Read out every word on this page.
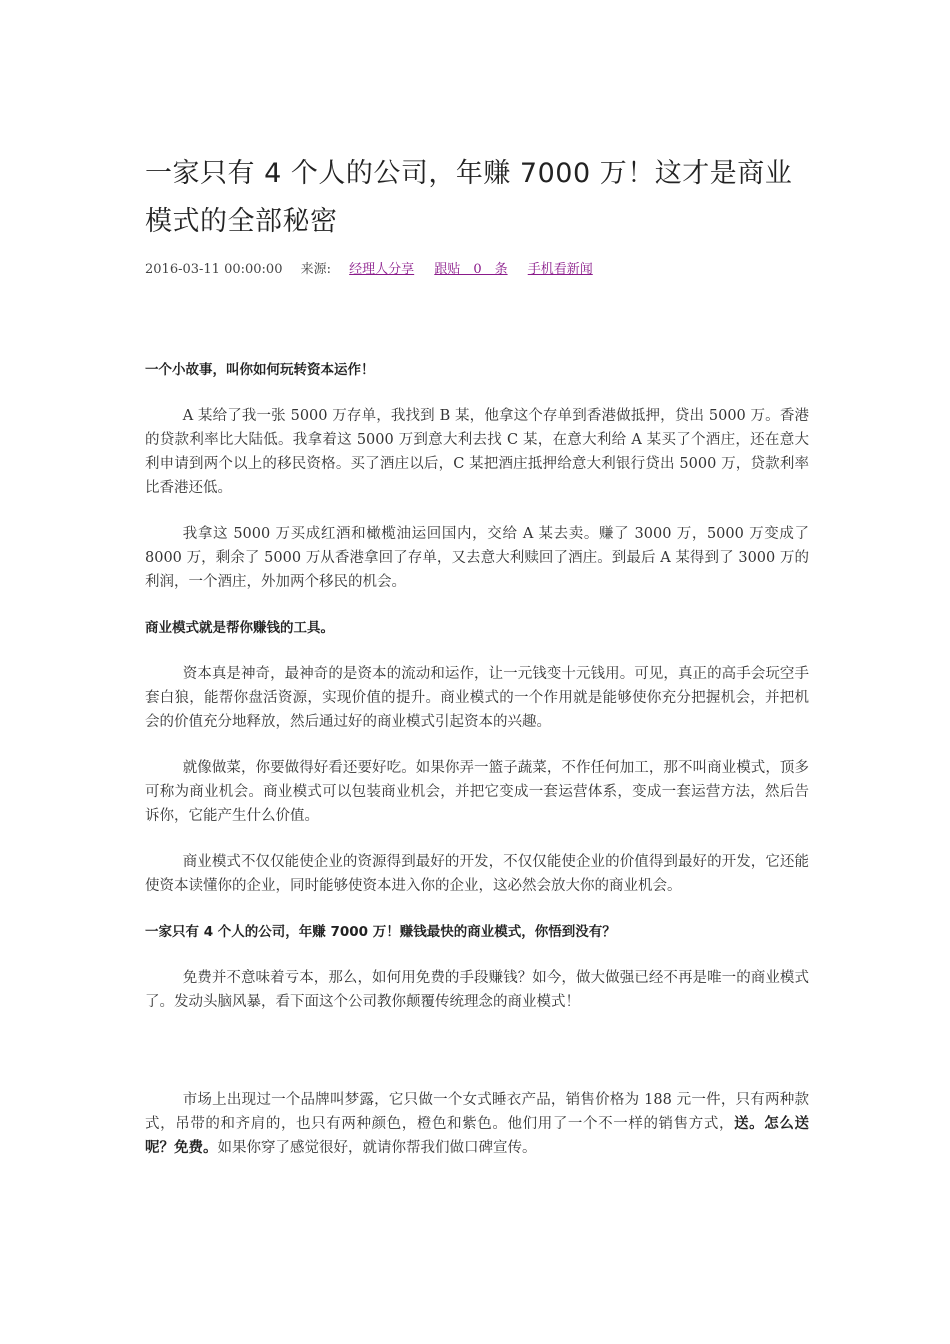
一家只有 4 个人的公司，年赚 7000 万！这才是商业模式的全部秘密
2016-03-11 00:00:00 来源: 经理人分享 跟贴　0　条 手机看新闻

一个小故事，叫你如何玩转资本运作！

A 某给了我一张 5000 万存单，我找到 B 某，他拿这个存单到香港做抵押，贷出 5000 万。香港的贷款利率比大陆低。我拿着这 5000 万到意大利去找 C 某，在意大利给 A 某买了个酒庄，还在意大利申请到两个以上的移民资格。买了酒庄以后，C 某把酒庄抵押给意大利银行贷出 5000 万，贷款利率比香港还低。

我拿这 5000 万买成红酒和橄榄油运回国内，交给 A 某去卖。赚了 3000 万，5000 万变成了 8000 万，剩余了 5000 万从香港拿回了存单，又去意大利赎回了酒庄。到最后 A 某得到了 3000 万的利润，一个酒庄，外加两个移民的机会。

商业模式就是帮你赚钱的工具。

资本真是神奇，最神奇的是资本的流动和运作，让一元钱变十元钱用。可见，真正的高手会玩空手套白狼，能帮你盘活资源，实现价值的提升。商业模式的一个作用就是能够使你充分把握机会，并把机会的价值充分地释放，然后通过好的商业模式引起资本的兴趣。

就像做菜，你要做得好看还要好吃。如果你弄一篮子蔬菜，不作任何加工，那不叫商业模式，顶多可称为商业机会。商业模式可以包装商业机会，并把它变成一套运营体系，变成一套运营方法，然后告诉你，它能产生什么价值。

商业模式不仅仅能使企业的资源得到最好的开发，不仅仅能使企业的价值得到最好的开发，它还能使资本读懂你的企业，同时能够使资本进入你的企业，这必然会放大你的商业机会。

一家只有 4 个人的公司，年赚 7000 万！赚钱最快的商业模式，你悟到没有？

免费并不意味着亏本，那么，如何用免费的手段赚钱？如今，做大做强已经不再是唯一的商业模式了。发动头脑风暴，看下面这个公司教你颠覆传统理念的商业模式！

市场上出现过一个品牌叫梦露，它只做一个女式睡衣产品，销售价格为 188 元一件，只有两种款式，吊带的和齐肩的，也只有两种颜色，橙色和紫色。他们用了一个不一样的销售方式，送。怎么送呢？免费。如果你穿了感觉很好，就请你帮我们做口碑宣传。
